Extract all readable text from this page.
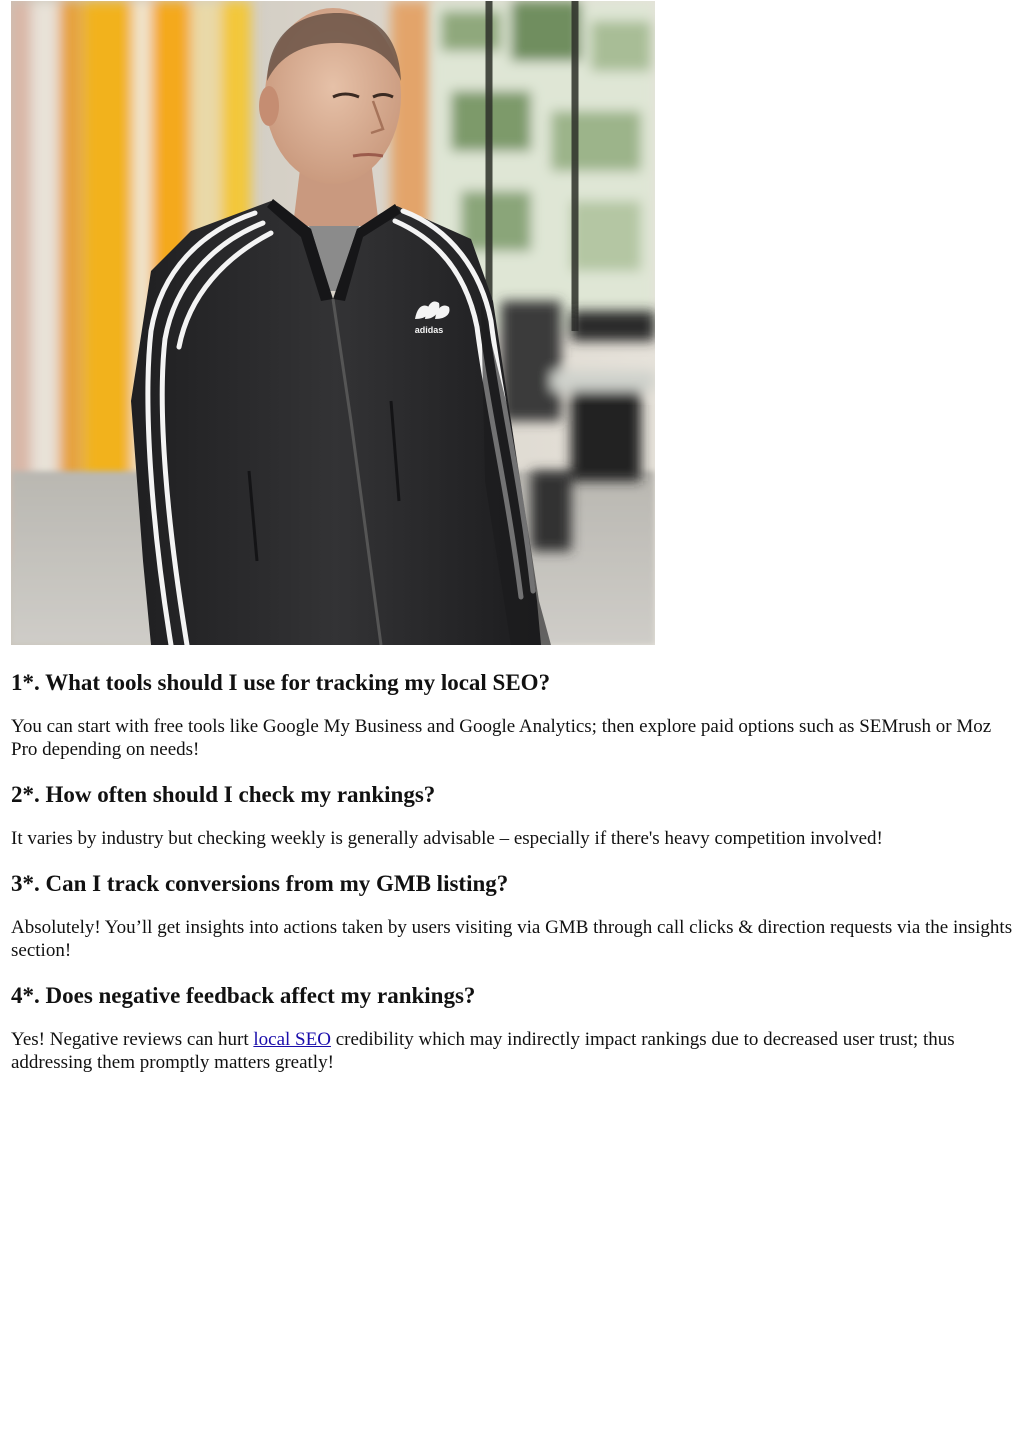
adidas
1*. What tools should I use for tracking my local SEO?

You can start with free tools like Google My Business and Google Analytics; then explore paid options such as SEMrush or Moz Pro depending on needs!

2*. How often should I check my rankings?

It varies by industry but checking weekly is generally advisable – especially if there's heavy competition involved!

3*. Can I track conversions from my GMB listing?

Absolutely! You’ll get insights into actions taken by users visiting via GMB through call clicks & direction requests via the insights section!

4*. Does negative feedback affect my rankings?

Yes! Negative reviews can hurt local SEO credibility which may indirectly impact rankings due to decreased user trust; thus addressing them promptly matters greatly!
